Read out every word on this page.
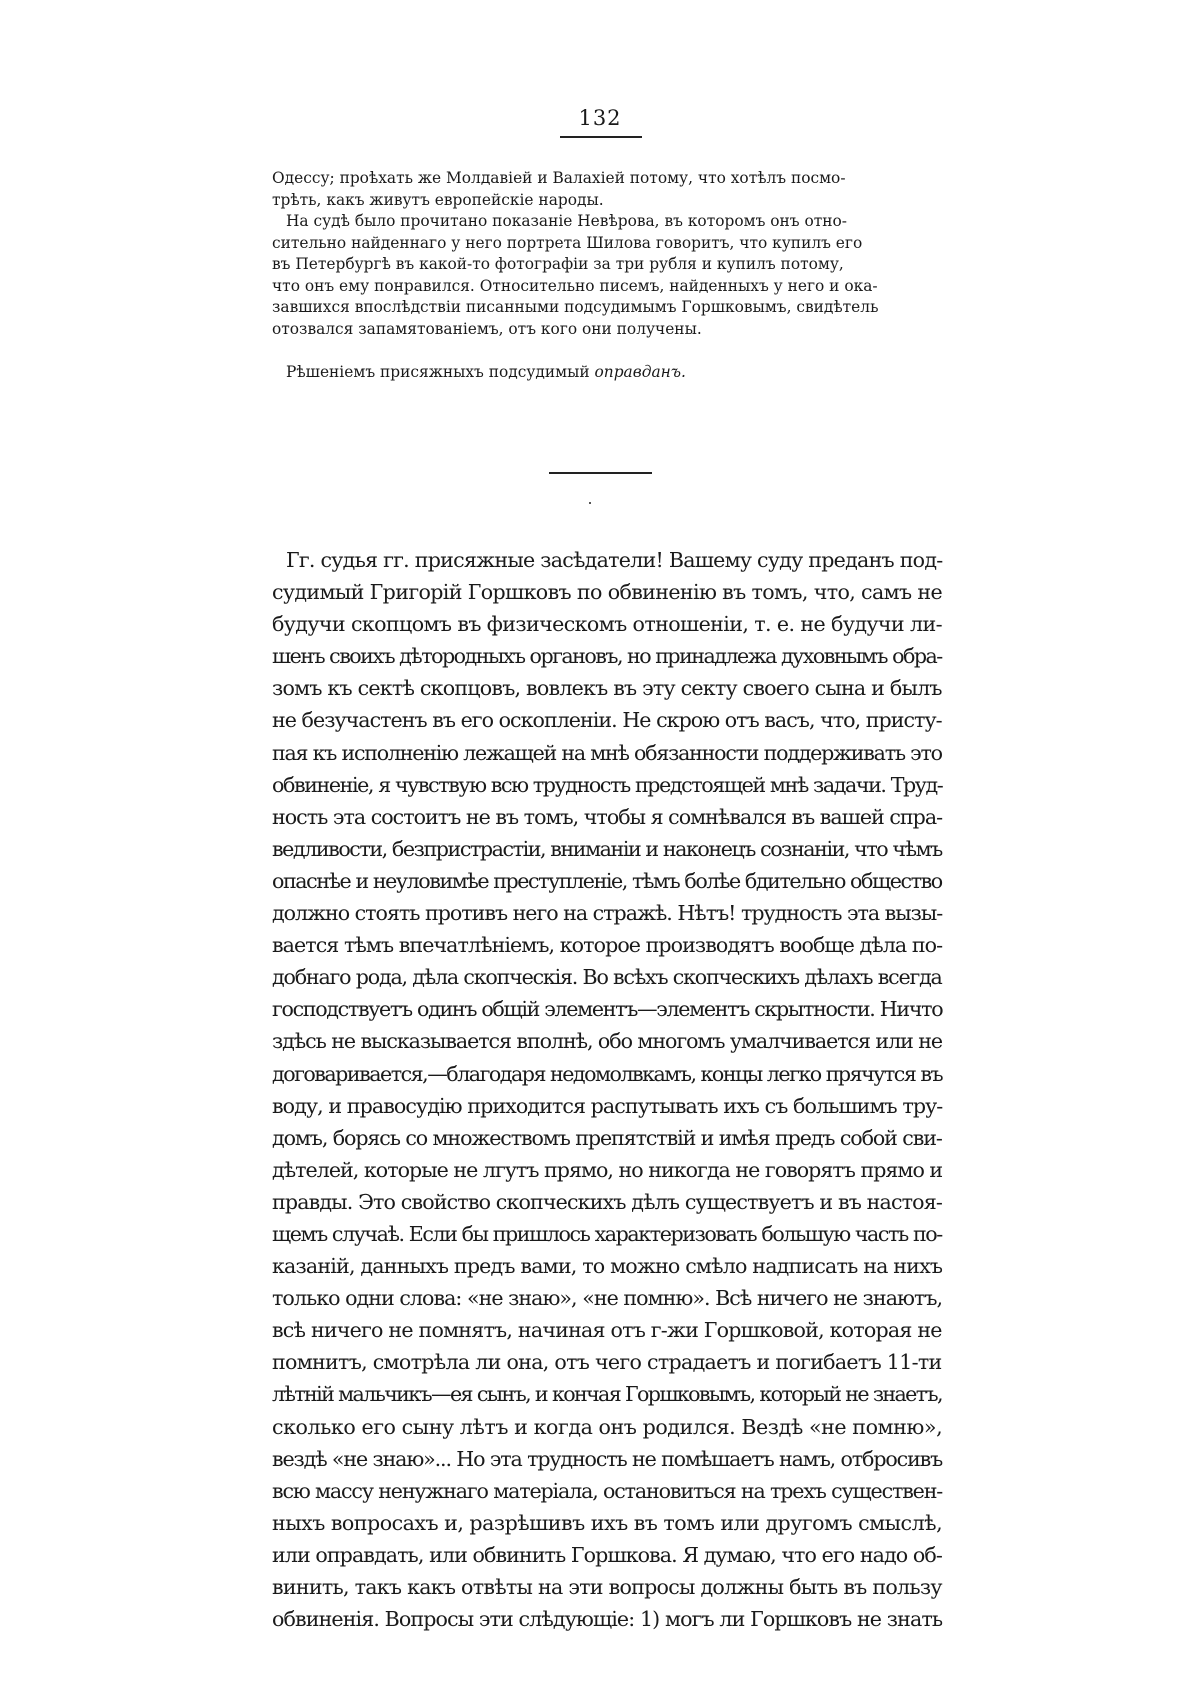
132
Одессу; проѣхать же Молдавіей и Валахіей потому, что хотѣлъ посмо-
трѣть, какъ живутъ европейскіе народы.
На судѣ было прочитано показаніе Невѣрова, въ которомъ онъ отно-
сительно найденнаго у него портрета Шилова говоритъ, что купилъ его
въ Петербургѣ въ какой-то фотографіи за три рубля и купилъ потому,
что онъ ему понравился. Относительно писемъ, найденныхъ у него и ока-
завшихся впослѣдствіи писанными подсудимымъ Горшковымъ, свидѣтель
отозвался запамятованіемъ, отъ кого они получены.
Рѣшеніемъ присяжныхъ подсудимый оправданъ.
Гг. судья гг. присяжные засѣдатели! Вашему суду преданъ под-
судимый Григорій Горшковъ по обвиненію въ томъ, что, самъ не
будучи скопцомъ въ физическомъ отношеніи, т. е. не будучи ли-
шенъ своихъ дѣтородныхъ органовъ, но принадлежа духовнымъ обра-
зомъ къ сектѣ скопцовъ, вовлекъ въ эту секту своего сына и былъ
не безучастенъ въ его оскопленіи. Не скрою отъ васъ, что, присту-
пая къ исполненію лежащей на мнѣ обязанности поддерживать это
обвиненіе, я чувствую всю трудность предстоящей мнѣ задачи. Труд-
ность эта состоитъ не въ томъ, чтобы я сомнѣвался въ вашей спра-
ведливости, безпристрастіи, вниманіи и наконецъ сознаніи, что чѣмъ
опаснѣе и неуловимѣе преступленіе, тѣмъ болѣе бдительно общество
должно стоять противъ него на стражѣ. Нѣтъ! трудность эта вызы-
вается тѣмъ впечатлѣніемъ, которое производятъ вообще дѣла по-
добнаго рода, дѣла скопческія. Во всѣхъ скопческихъ дѣлахъ всегда
господствуетъ одинъ общій элементъ—элементъ скрытности. Ничто
здѣсь не высказывается вполнѣ, обо многомъ умалчивается или не
договаривается,—благодаря недомолвкамъ, концы легко прячутся въ
воду, и правосудію приходится распутывать ихъ съ большимъ тру-
домъ, борясь со множествомъ препятствій и имѣя предъ собой сви-
дѣтелей, которые не лгутъ прямо, но никогда не говорятъ прямо и
правды. Это свойство скопческихъ дѣлъ существуетъ и въ настоя-
щемъ случаѣ. Если бы пришлось характеризовать большую часть по-
казаній, данныхъ предъ вами, то можно смѣло надписать на нихъ
только одни слова: «не знаю», «не помню». Всѣ ничего не знаютъ,
всѣ ничего не помнятъ, начиная отъ г-жи Горшковой, которая не
помнитъ, смотрѣла ли она, отъ чего страдаетъ и погибаетъ 11-ти
лѣтній мальчикъ—ея сынъ, и кончая Горшковымъ, который не знаетъ,
сколько его сыну лѣтъ и когда онъ родился. Вездѣ «не помню»,
вездѣ «не знаю»... Но эта трудность не помѣшаетъ намъ, отбросивъ
всю массу ненужнаго матеріала, остановиться на трехъ существен-
ныхъ вопросахъ и, разрѣшивъ ихъ въ томъ или другомъ смыслѣ,
или оправдать, или обвинить Горшкова. Я думаю, что его надо об-
винить, такъ какъ отвѣты на эти вопросы должны быть въ пользу
обвиненія. Вопросы эти слѣдующіе: 1) могъ ли Горшковъ не знать
